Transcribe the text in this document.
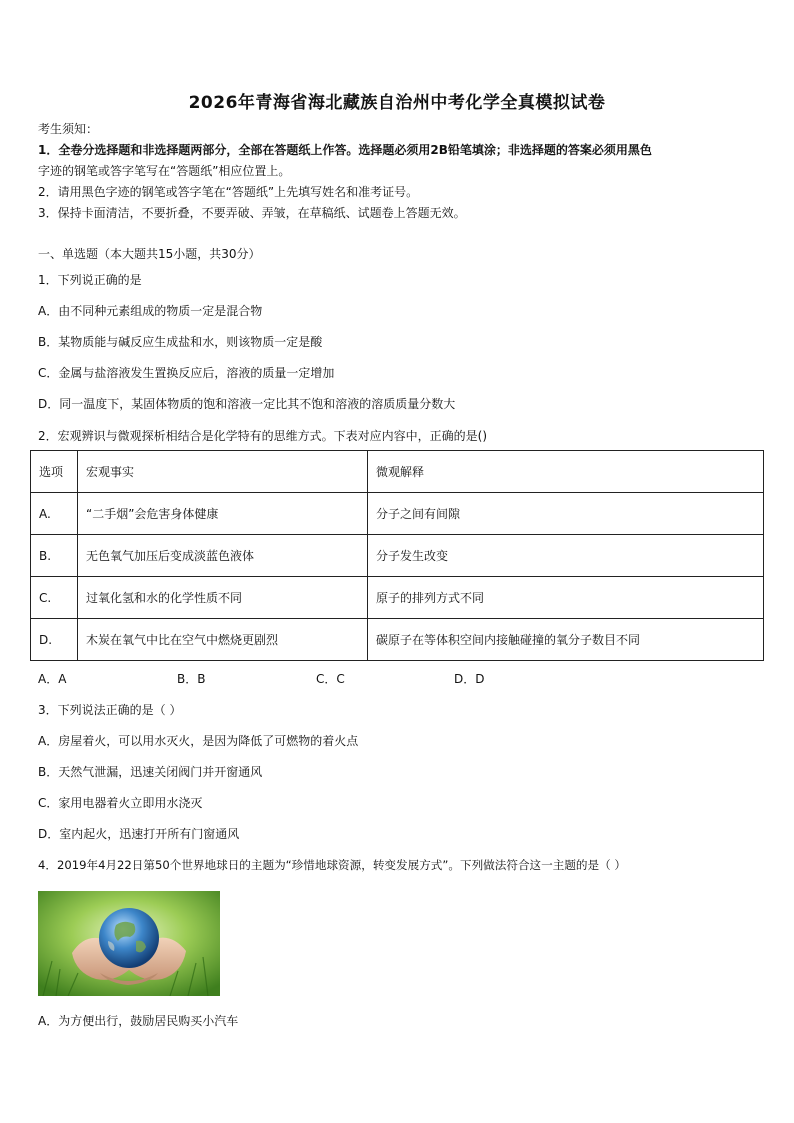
2026年青海省海北藏族自治州中考化学全真模拟试卷
考生须知：
1．全卷分选择题和非选择题两部分，全部在答题纸上作答。选择题必须用2B铅笔填涂；非选择题的答案必须用黑色
字迹的钢笔或答字笔写在“答题纸”相应位置上。
2．请用黑色字迹的钢笔或答字笔在“答题纸”上先填写姓名和准考证号。
3．保持卡面清洁，不要折叠，不要弄破、弄皱，在草稿纸、试题卷上答题无效。
一、单选题（本大题共15小题，共30分）
1．下列说正确的是
A．由不同种元素组成的物质一定是混合物
B．某物质能与碱反应生成盐和水，则该物质一定是酸
C．金属与盐溶液发生置换反应后，溶液的质量一定增加
D．同一温度下，某固体物质的饱和溶液一定比其不饱和溶液的溶质质量分数大
2．宏观辨识与微观探析相结合是化学特有的思维方式。下表对应内容中，正确的是()
选项	宏观事实	微观解释
A.	“二手烟”会危害身体健康	分子之间有间隙
B.	无色氧气加压后变成淡蓝色液体	分子发生改变
C.	过氧化氢和水的化学性质不同	原子的排列方式不同
D.	木炭在氧气中比在空气中燃烧更剧烈	碳原子在等体积空间内接触碰撞的氧分子数目不同
A．A	B．B	C．C	D．D
3．下列说法正确的是（ ）
A．房屋着火，可以用水灭火，是因为降低了可燃物的着火点
B．天然气泄漏，迅速关闭阀门并开窗通风
C．家用电器着火立即用水浇灭
D．室内起火，迅速打开所有门窗通风
4．2019年4月22日第50个世界地球日的主题为“珍惜地球资源，转变发展方式”。下列做法符合这一主题的是（ ）
A．为方便出行，鼓励居民购买小汽车
